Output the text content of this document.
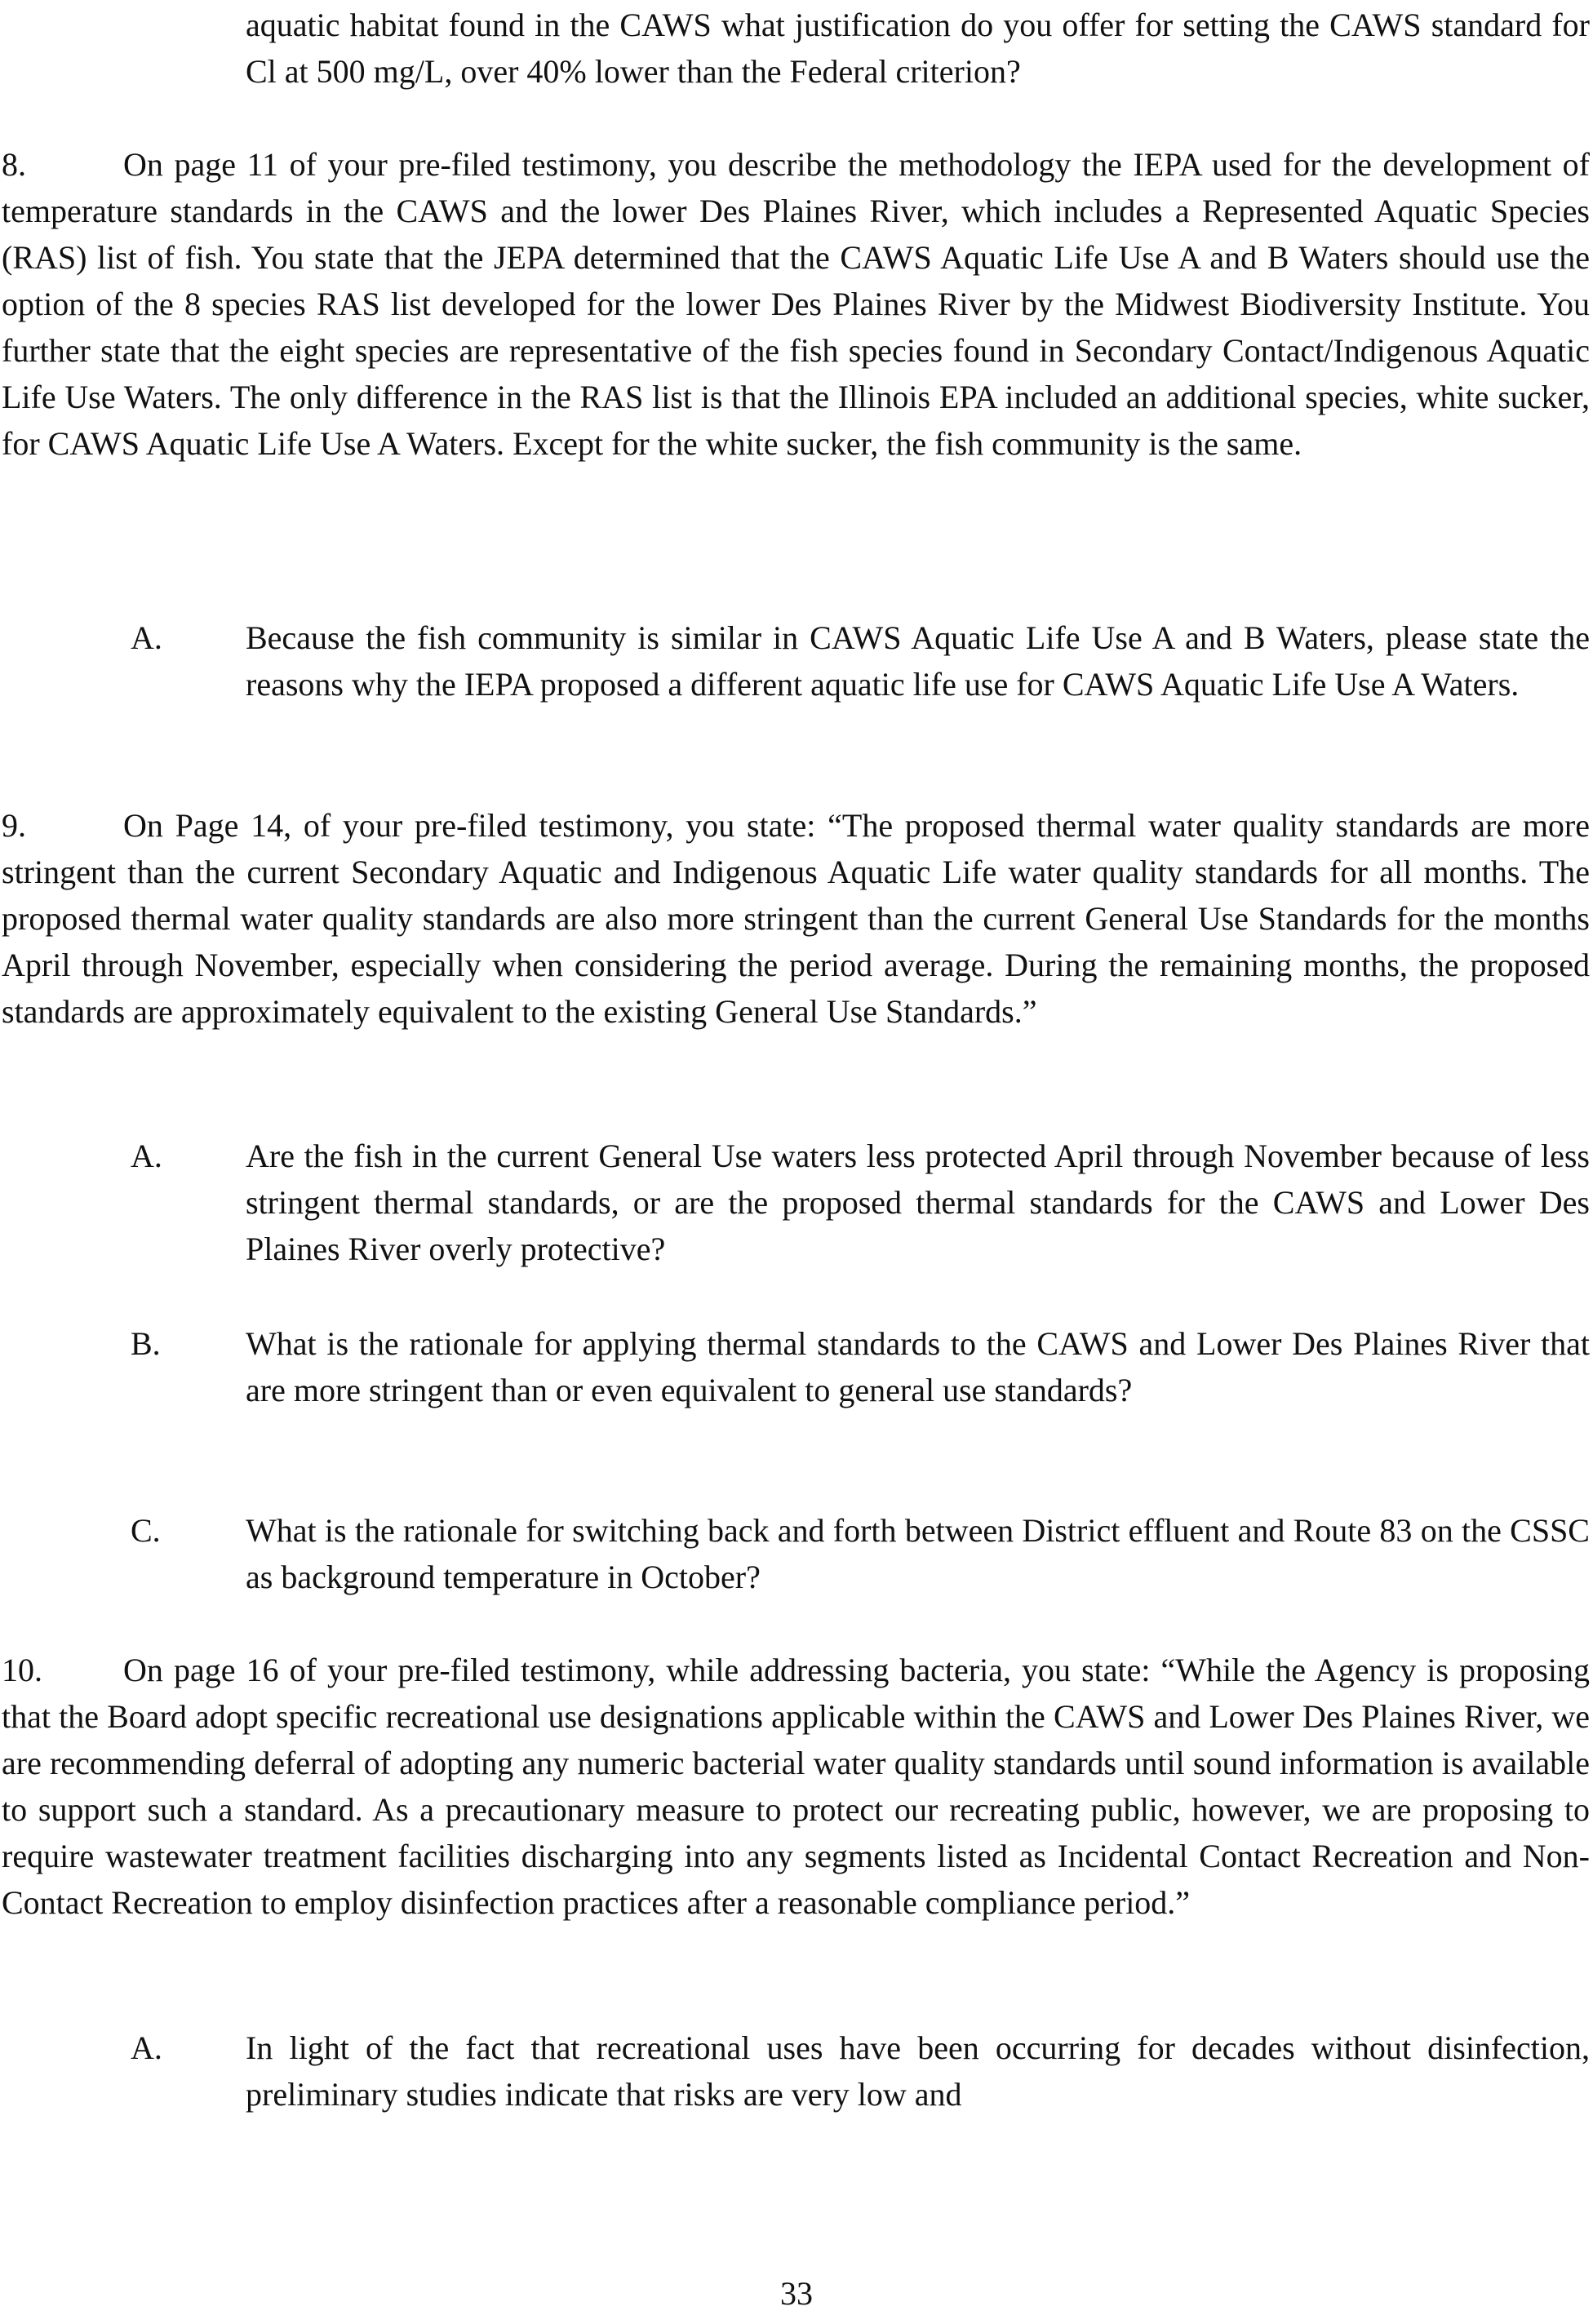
aquatic habitat found in the CAWS what justification do you offer for setting the CAWS standard for Cl at 500 mg/L, over 40% lower than the Federal criterion?
8.	On page 11 of your pre-filed testimony, you describe the methodology the IEPA used for the development of temperature standards in the CAWS and the lower Des Plaines River, which includes a Represented Aquatic Species (RAS) list of fish. You state that the JEPA determined that the CAWS Aquatic Life Use A and B Waters should use the option of the 8 species RAS list developed for the lower Des Plaines River by the Midwest Biodiversity Institute. You further state that the eight species are representative of the fish species found in Secondary Contact/Indigenous Aquatic Life Use Waters. The only difference in the RAS list is that the Illinois EPA included an additional species, white sucker, for CAWS Aquatic Life Use A Waters. Except for the white sucker, the fish community is the same.
A.	Because the fish community is similar in CAWS Aquatic Life Use A and B Waters, please state the reasons why the IEPA proposed a different aquatic life use for CAWS Aquatic Life Use A Waters.
9.	On Page 14, of your pre-filed testimony, you state: “The proposed thermal water quality standards are more stringent than the current Secondary Aquatic and Indigenous Aquatic Life water quality standards for all months. The proposed thermal water quality standards are also more stringent than the current General Use Standards for the months April through November, especially when considering the period average. During the remaining months, the proposed standards are approximately equivalent to the existing General Use Standards.”
A.	Are the fish in the current General Use waters less protected April through November because of less stringent thermal standards, or are the proposed thermal standards for the CAWS and Lower Des Plaines River overly protective?
B.	What is the rationale for applying thermal standards to the CAWS and Lower Des Plaines River that are more stringent than or even equivalent to general use standards?
C.	What is the rationale for switching back and forth between District effluent and Route 83 on the CSSC as background temperature in October?
10. On page 16 of your pre-filed testimony, while addressing bacteria, you state: “While the Agency is proposing that the Board adopt specific recreational use designations applicable within the CAWS and Lower Des Plaines River, we are recommending deferral of adopting any numeric bacterial water quality standards until sound information is available to support such a standard. As a precautionary measure to protect our recreating public, however, we are proposing to require wastewater treatment facilities discharging into any segments listed as Incidental Contact Recreation and Non-Contact Recreation to employ disinfection practices after a reasonable compliance period.”
A.	In light of the fact that recreational uses have been occurring for decades without disinfection, preliminary studies indicate that risks are very low and
33
